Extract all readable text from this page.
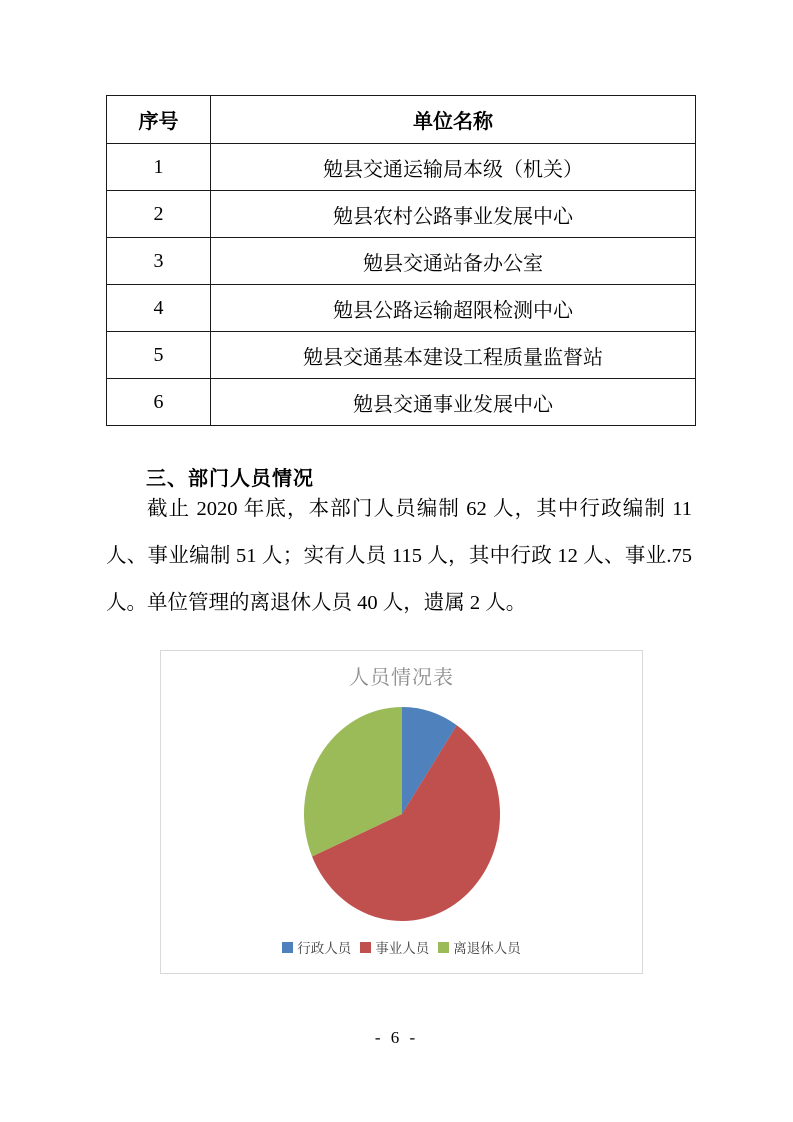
序号	单位名称
1	勉县交通运输局本级（机关）
2	勉县农村公路事业发展中心
3	勉县交通站备办公室
4	勉县公路运输超限检测中心
5	勉县交通基本建设工程质量监督站
6	勉县交通事业发展中心
三、部门人员情况

截止 2020 年底，本部门人员编制 62 人，其中行政编制 11 人、事业编制 51 人；实有人员 115 人，其中行政 12 人、事业.75 人。单位管理的离退休人员 40 人，遗属 2 人。

人员情况表
行政人员 事业人员 离退休人员
- 6 -
